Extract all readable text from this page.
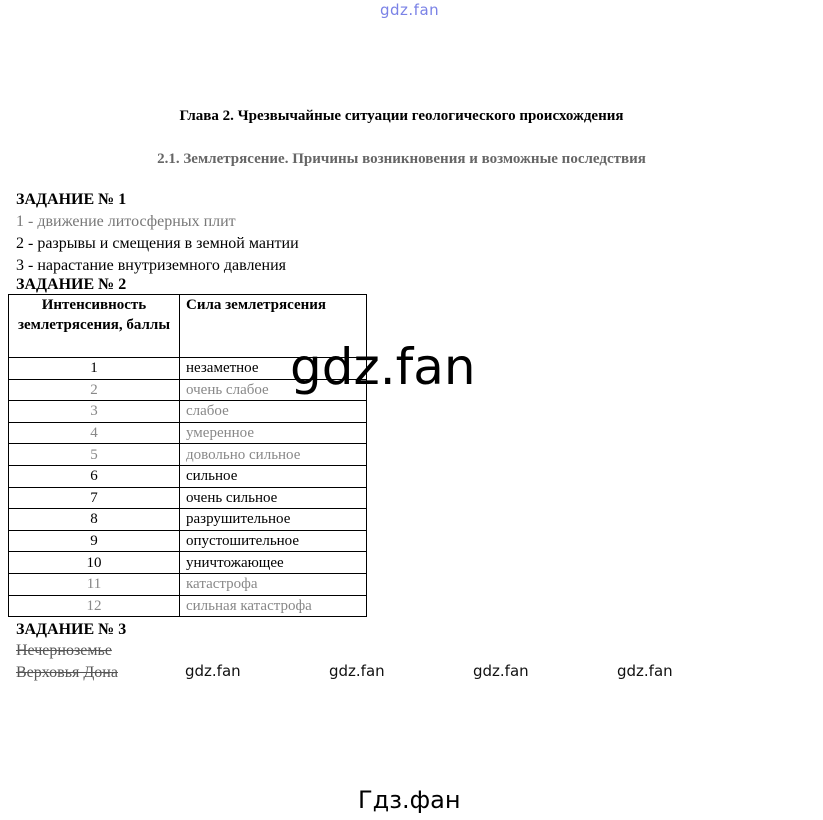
gdz.fan
Глава 2. Чрезвычайные ситуации геологического происхождения
2.1. Землетрясение. Причины возникновения и возможные последствия
ЗАДАНИЕ № 1
1 - движение литосферных плит
2 - разрывы и смещения в земной мантии
3 - нарастание внутриземного давления
ЗАДАНИЕ № 2
Интенсивность землетрясения, баллы	Сила землетрясения
1	незаметное
2	очень слабое
3	слабое
4	умеренное
5	довольно сильное
6	сильное
7	очень сильное
8	разрушительное
9	опустошительное
10	уничтожающее
11	катастрофа
12	сильная катастрофа
ЗАДАНИЕ № 3
Нечерноземье
Верховья Дона
gdz.fan
gdz.fan	gdz.fan	gdz.fan	gdz.fan
Гдз.фан
